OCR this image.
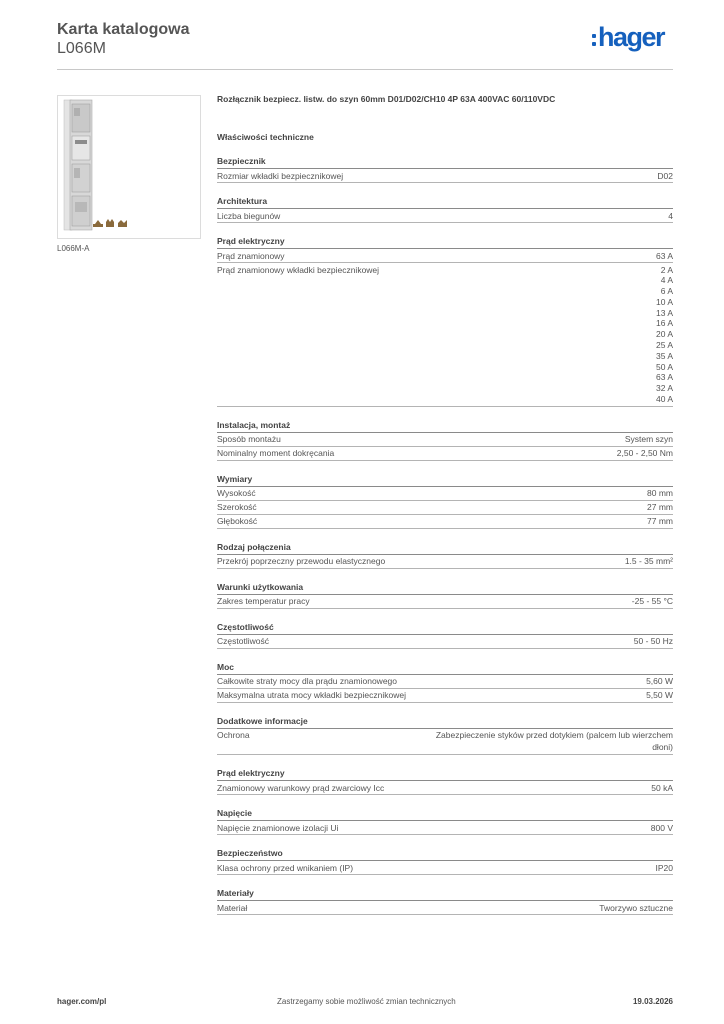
Karta katalogowa
L066M	hager
L066M-A
Rozłącznik bezpiecz. listw. do szyn 60mm D01/D02/CH10 4P 63A 400VAC 60/110VDC
Właściwości techniczne
Bezpiecznik
Rozmiar wkładki bezpiecznikowej	D02
Architektura
Liczba biegunów	4
Prąd elektryczny
Prąd znamionowy	63 A
Prąd znamionowy wkładki bezpiecznikowej	2 A
4 A
6 A
10 A
13 A
16 A
20 A
25 A
35 A
50 A
63 A
32 A
40 A
Instalacja, montaż
Sposób montażu	System szyn
Nominalny moment dokręcania	2,50 - 2,50 Nm
Wymiary
Wysokość	80 mm
Szerokość	27 mm
Głębokość	77 mm
Rodzaj połączenia
Przekrój poprzeczny przewodu elastycznego	1.5 - 35 mm²
Warunki użytkowania
Zakres temperatur pracy	-25 - 55 °C
Częstotliwość
Częstotliwość	50 - 50 Hz
Moc
Całkowite straty mocy dla prądu znamionowego	5,60 W
Maksymalna utrata mocy wkładki bezpiecznikowej	5,50 W
Dodatkowe informacje
Ochrona	Zabezpieczenie styków przed dotykiem (palcem lub wierzchem dłoni)
Prąd elektryczny
Znamionowy warunkowy prąd zwarciowy Icc	50 kA
Napięcie
Napięcie znamionowe izolacji Ui	800 V
Bezpieczeństwo
Klasa ochrony przed wnikaniem (IP)	IP20
Materiały
Materiał	Tworzywo sztuczne
hager.com/pl	Zastrzegamy sobie możliwość zmian technicznych	19.03.2026
